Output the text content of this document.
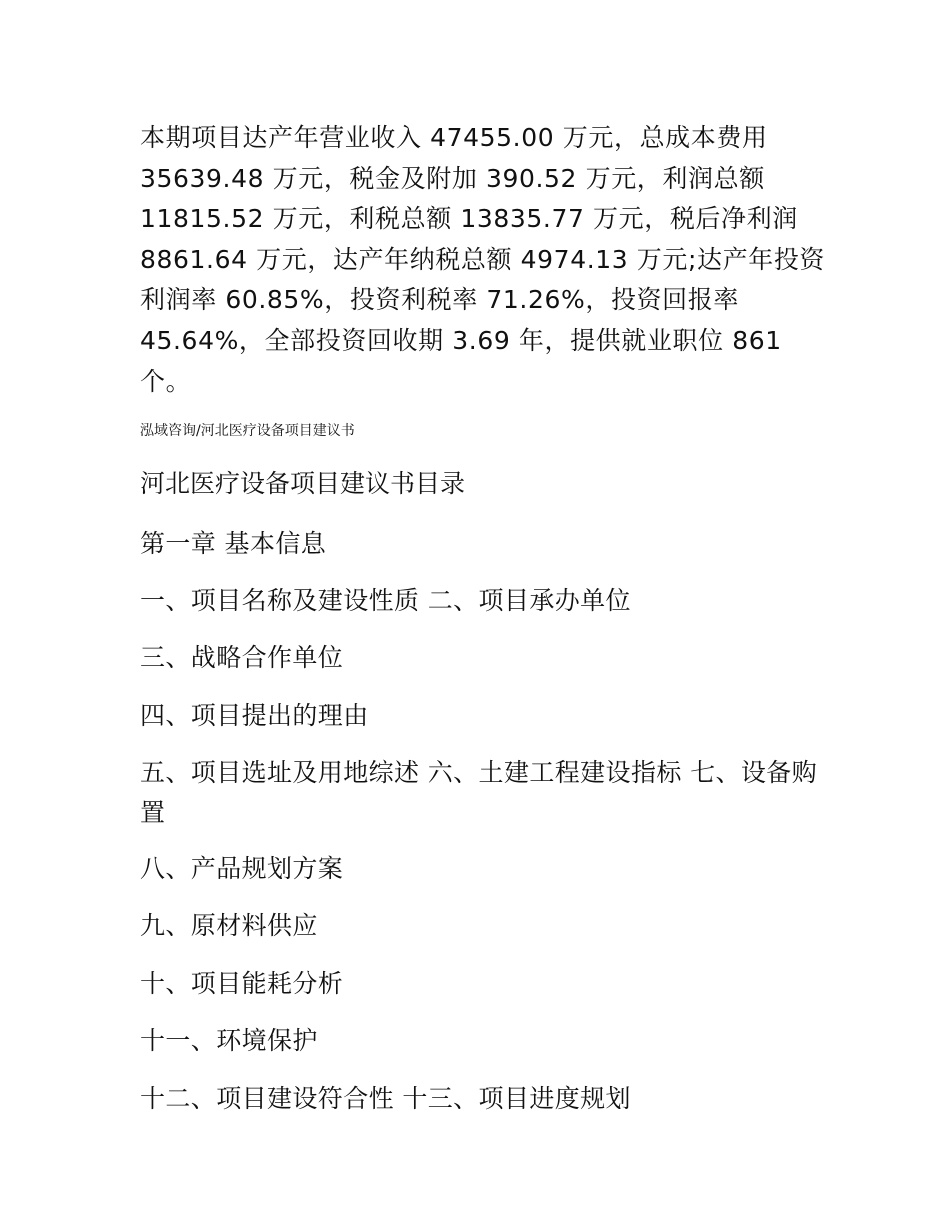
本期项目达产年营业收入 47455.00 万元，总成本费用 35639.48 万元，税金及附加 390.52 万元，利润总额 11815.52 万元，利税总额 13835.77 万元，税后净利润 8861.64 万元，达产年纳税总额 4974.13 万元;达产年投资利润率 60.85%，投资利税率 71.26%，投资回报率 45.64%，全部投资回收期 3.69 年，提供就业职位 861 个。

泓域咨询/河北医疗设备项目建议书
河北医疗设备项目建议书目录
第一章 基本信息
一、项目名称及建设性质 二、项目承办单位
三、战略合作单位
四、项目提出的理由
五、项目选址及用地综述 六、土建工程建设指标 七、设备购置
八、产品规划方案
九、原材料供应
十、项目能耗分析
十一、环境保护
十二、项目建设符合性 十三、项目进度规划
